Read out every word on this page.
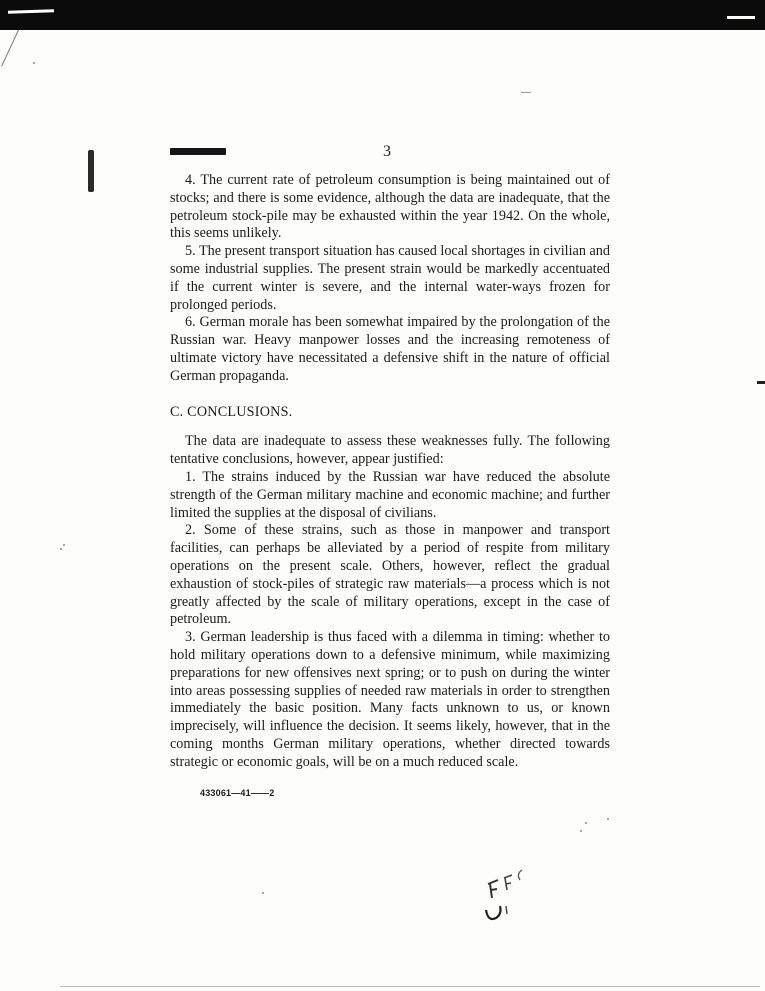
3

4. The current rate of petroleum consumption is being maintained out of stocks; and there is some evidence, although the data are inadequate, that the petroleum stock-pile may be exhausted within the year 1942. On the whole, this seems unlikely.

5. The present transport situation has caused local shortages in civilian and some industrial supplies. The present strain would be markedly accentuated if the current winter is severe, and the internal water-ways frozen for prolonged periods.

6. German morale has been somewhat impaired by the prolongation of the Russian war. Heavy manpower losses and the increasing remoteness of ultimate victory have necessitated a defensive shift in the nature of official German propaganda.

C. CONCLUSIONS.

The data are inadequate to assess these weaknesses fully. The following tentative conclusions, however, appear justified:

1. The strains induced by the Russian war have reduced the absolute strength of the German military machine and economic machine; and further limited the supplies at the disposal of civilians.

2. Some of these strains, such as those in manpower and transport facilities, can perhaps be alleviated by a period of respite from military operations on the present scale. Others, however, reflect the gradual exhaustion of stock-piles of strategic raw materials—a process which is not greatly affected by the scale of military operations, except in the case of petroleum.

3. German leadership is thus faced with a dilemma in timing: whether to hold military operations down to a defensive minimum, while maximizing preparations for new offensives next spring; or to push on during the winter into areas possessing supplies of needed raw materials in order to strengthen immediately the basic position. Many facts unknown to us, or known imprecisely, will influence the decision. It seems likely, however, that in the coming months German military operations, whether directed towards strategic or economic goals, will be on a much reduced scale.

433061—41——2
